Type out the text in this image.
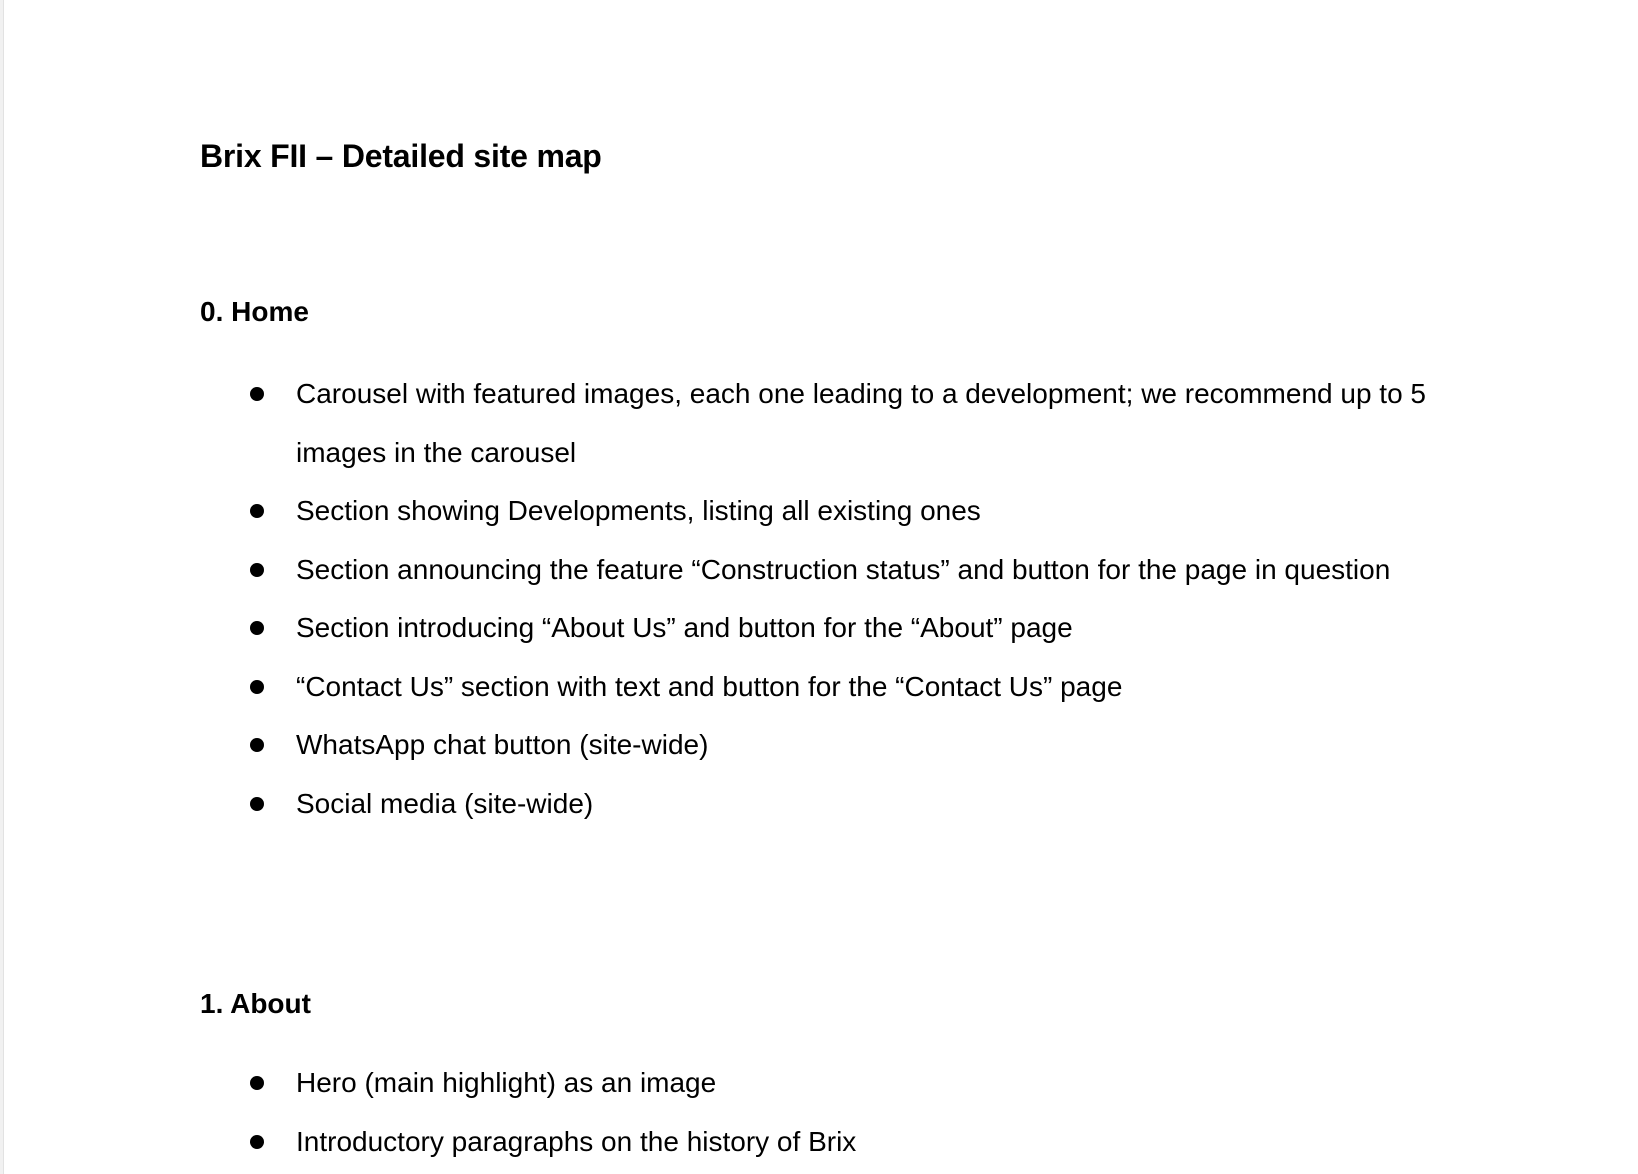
Brix FII – Detailed site map
0. Home
Carousel with featured images, each one leading to a development; we recommend up to 5 images in the carousel
Section showing Developments, listing all existing ones
Section announcing the feature “Construction status” and button for the page in question
Section introducing “About Us” and button for the “About” page
“Contact Us” section with text and button for the “Contact Us” page
WhatsApp chat button (site-wide)
Social media (site-wide)
1. About
Hero (main highlight) as an image
Introductory paragraphs on the history of Brix
